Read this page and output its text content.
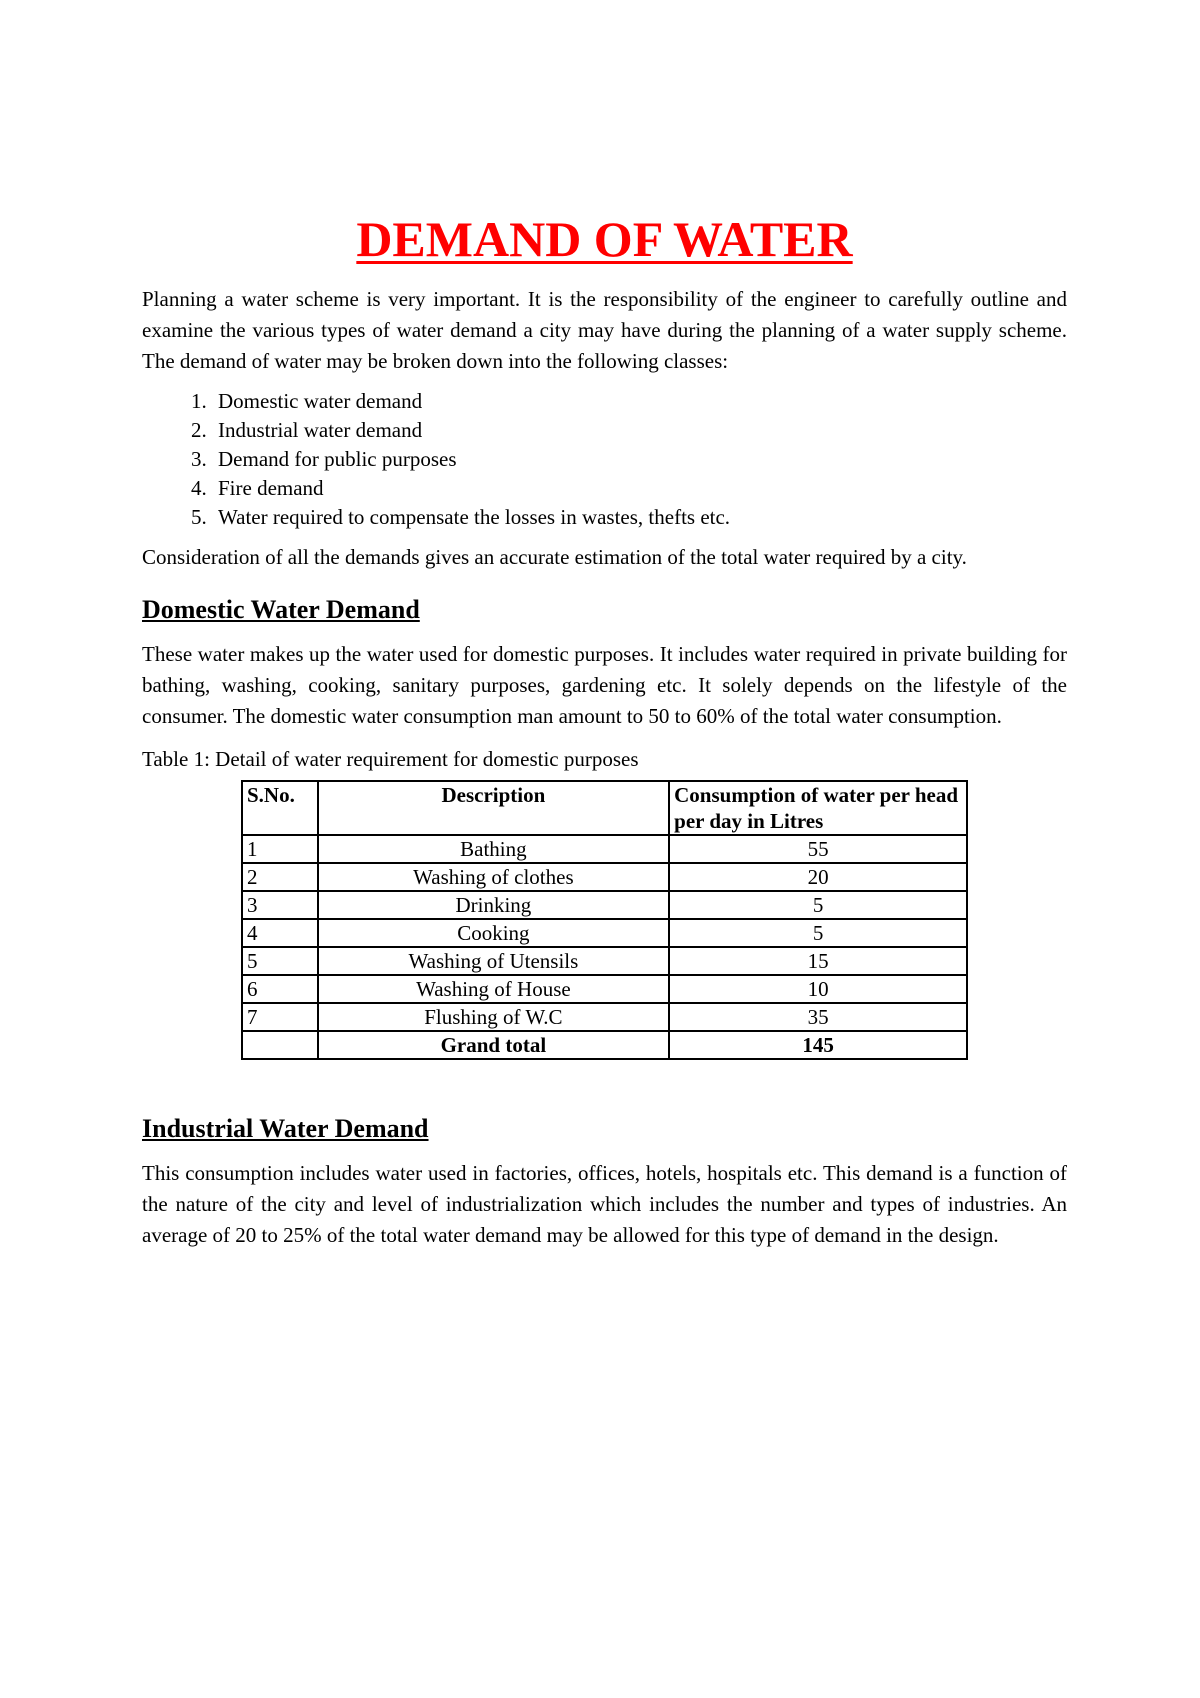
DEMAND OF WATER

Planning a water scheme is very important. It is the responsibility of the engineer to carefully outline and examine the various types of water demand a city may have during the planning of a water supply scheme. The demand of water may be broken down into the following classes:

1. Domestic water demand
2. Industrial water demand
3. Demand for public purposes
4. Fire demand
5. Water required to compensate the losses in wastes, thefts etc.

Consideration of all the demands gives an accurate estimation of the total water required by a city.

Domestic Water Demand

These water makes up the water used for domestic purposes. It includes water required in private building for bathing, washing, cooking, sanitary purposes, gardening etc. It solely depends on the lifestyle of the consumer. The domestic water consumption man amount to 50 to 60% of the total water consumption.

Table 1: Detail of water requirement for domestic purposes
S.No.	Description	Consumption of water per head per day in Litres
1	Bathing	55
2	Washing of clothes	20
3	Drinking	5
4	Cooking	5
5	Washing of Utensils	15
6	Washing of House	10
7	Flushing of W.C	35
	Grand total	145
Industrial Water Demand

This consumption includes water used in factories, offices, hotels, hospitals etc. This demand is a function of the nature of the city and level of industrialization which includes the number and types of industries. An average of 20 to 25% of the total water demand may be allowed for this type of demand in the design.
